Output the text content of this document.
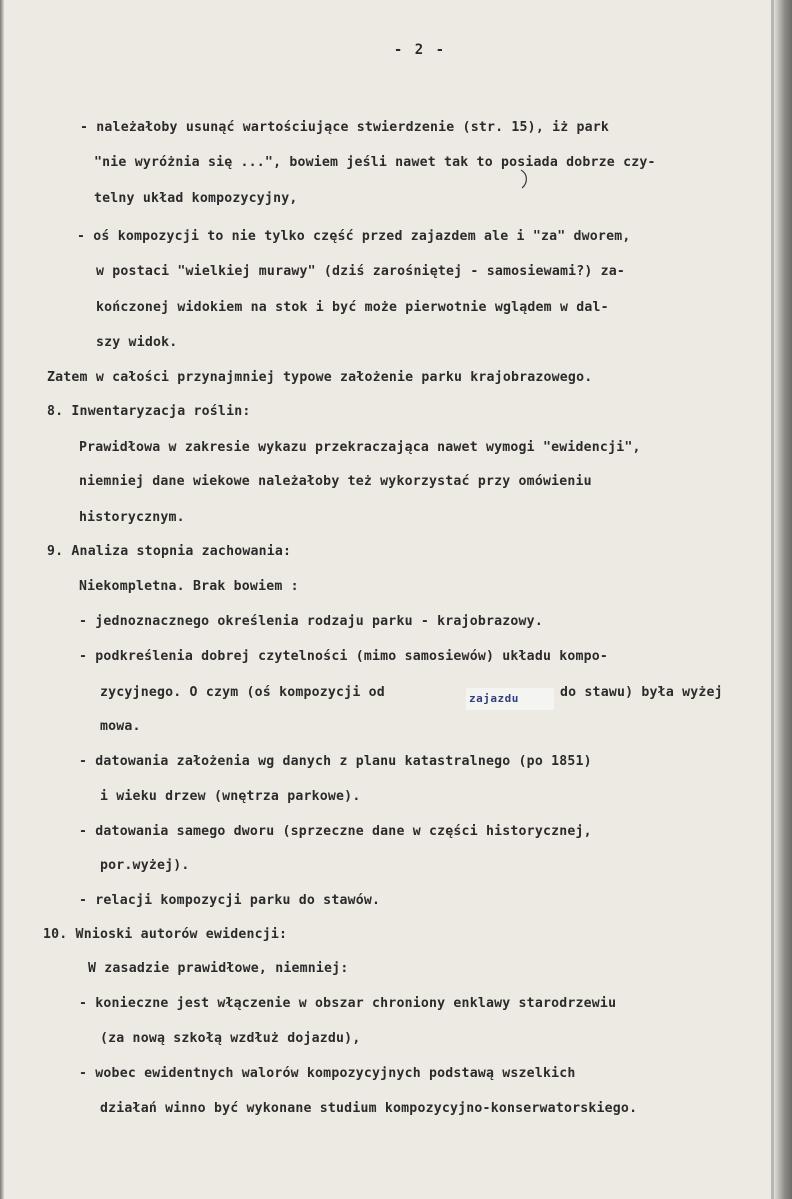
- 2 -
- należałoby usunąć wartościujące stwierdzenie (str. 15), iż park
"nie wyróżnia się ...", bowiem jeśli nawet tak to posiada dobrze czy-
telny układ kompozycyjny,
- oś kompozycji to nie tylko część przed zajazdem ale i "za" dworem,
w postaci "wielkiej murawy" (dziś zarośniętej - samosiewami?) za-
kończonej widokiem na stok i być może pierwotnie wglądem w dal-
szy widok.
Zatem w całości przynajmniej typowe założenie parku krajobrazowego.
8. Inwentaryzacja roślin:
Prawidłowa w zakresie wykazu przekraczająca nawet wymogi "ewidencji",
niemniej dane wiekowe należałoby też wykorzystać przy omówieniu
historycznym.
9. Analiza stopnia zachowania:
Niekompletna. Brak bowiem :
- jednoznacznego określenia rodzaju parku - krajobrazowy.
- podkreślenia dobrej czytelności (mimo samosiewów) układu kompo-
zycyjnego. O czym (oś kompozycji od	zajazdu	do stawu) była wyżej
mowa.
- datowania założenia wg danych z planu katastralnego (po 1851)
i wieku drzew (wnętrza parkowe).
- datowania samego dworu (sprzeczne dane w części historycznej,
por.wyżej).
- relacji kompozycji parku do stawów.
10. Wnioski autorów ewidencji:
W zasadzie prawidłowe, niemniej:
- konieczne jest włączenie w obszar chroniony enklawy starodrzewiu
(za nową szkołą wzdłuż dojazdu),
- wobec ewidentnych walorów kompozycyjnych podstawą wszelkich
działań winno być wykonane studium kompozycyjno-konserwatorskiego.
